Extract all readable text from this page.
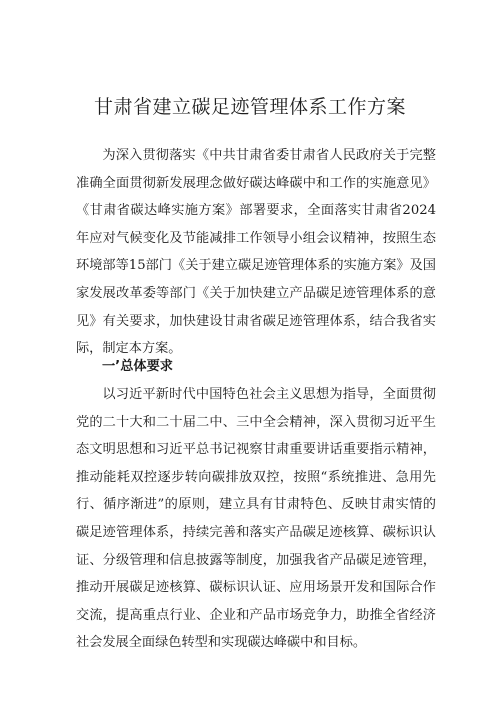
甘肃省建立碳足迹管理体系工作方案

为深入贯彻落实《中共甘肃省委甘肃省人民政府关于完整准确全面贯彻新发展理念做好碳达峰碳中和工作的实施意见》《甘肃省碳达峰实施方案》部署要求，全面落实甘肃省2024年应对气候变化及节能减排工作领导小组会议精神，按照生态环境部等15部门《关于建立碳足迹管理体系的实施方案》及国家发展改革委等部门《关于加快建立产品碳足迹管理体系的意见》有关要求，加快建设甘肃省碳足迹管理体系，结合我省实际，制定本方案。

一’总体要求

以习近平新时代中国特色社会主义思想为指导，全面贯彻党的二十大和二十届二中、三中全会精神，深入贯彻习近平生态文明思想和习近平总书记视察甘肃重要讲话重要指示精神，推动能耗双控逐步转向碳排放双控，按照“系统推进、急用先行、循序渐进”的原则，建立具有甘肃特色、反映甘肃实情的碳足迹管理体系，持续完善和落实产品碳足迹核算、碳标识认证、分级管理和信息披露等制度，加强我省产品碳足迹管理，推动开展碳足迹核算、碳标识认证、应用场景开发和国际合作交流，提高重点行业、企业和产品市场竞争力，助推全省经济社会发展全面绿色转型和实现碳达峰碳中和目标。
